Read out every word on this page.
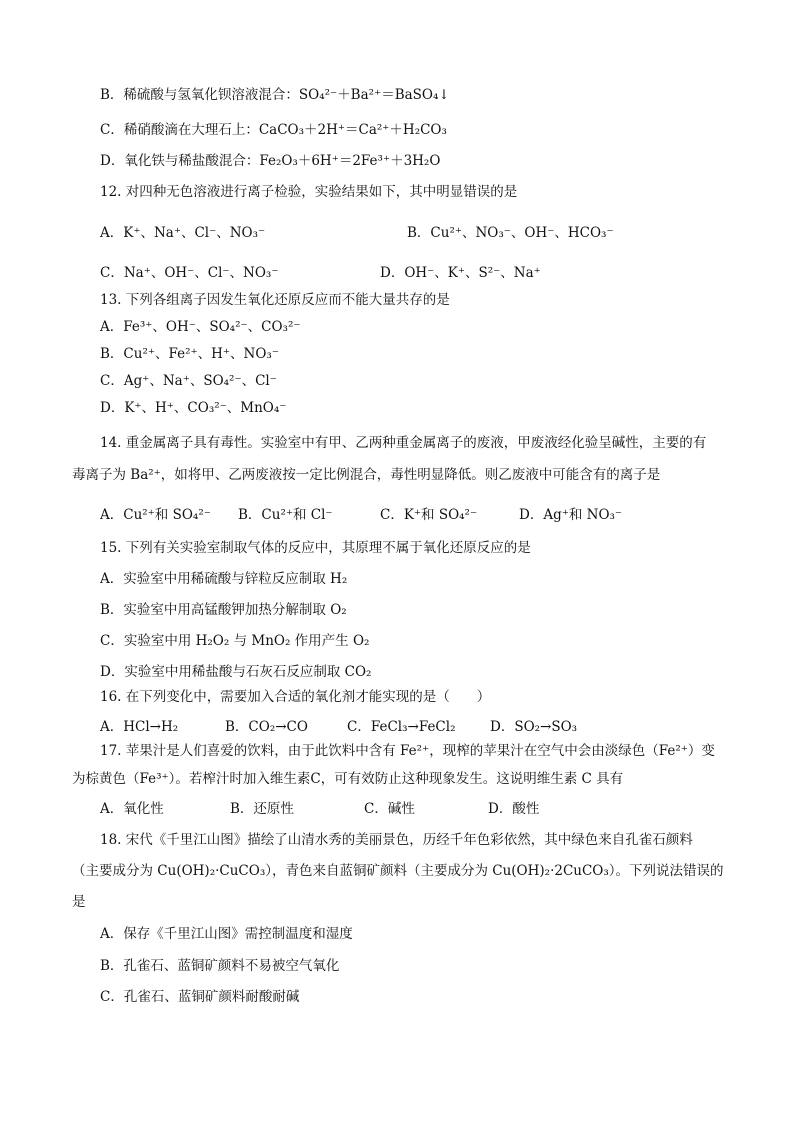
B．稀硫酸与氢氧化钡溶液混合：SO₄²⁻＋Ba²⁺＝BaSO₄↓
C．稀硝酸滴在大理石上：CaCO₃＋2H⁺＝Ca²⁺＋H₂CO₃
D．氧化铁与稀盐酸混合：Fe₂O₃＋6H⁺＝2Fe³⁺＋3H₂O
12. 对四种无色溶液进行离子检验，实验结果如下，其中明显错误的是
A．K⁺、Na⁺、Cl⁻、NO₃⁻	B．Cu²⁺、NO₃⁻、OH⁻、HCO₃⁻
C．Na⁺、OH⁻、Cl⁻、NO₃⁻	D．OH⁻、K⁺、S²⁻、Na⁺
13. 下列各组离子因发生氧化还原反应而不能大量共存的是
A．Fe³⁺、OH⁻、SO₄²⁻、CO₃²⁻
B．Cu²⁺、Fe²⁺、H⁺、NO₃⁻
C．Ag⁺、Na⁺、SO₄²⁻、Cl⁻
D．K⁺、H⁺、CO₃²⁻、MnO₄⁻
14. 重金属离子具有毒性。实验室中有甲、乙两种重金属离子的废液，甲废液经化验呈碱性，主要的有
毒离子为 Ba²⁺，如将甲、乙两废液按一定比例混合，毒性明显降低。则乙废液中可能含有的离子是
A．Cu²⁺和 SO₄²⁻ B．Cu²⁺和 Cl⁻	C．K⁺和 SO₄²⁻	D．Ag⁺和 NO₃⁻
15. 下列有关实验室制取气体的反应中，其原理不属于氧化还原反应的是
A．实验室中用稀硫酸与锌粒反应制取 H₂
B．实验室中用高锰酸钾加热分解制取 O₂
C．实验室中用 H₂O₂ 与 MnO₂ 作用产生 O₂
D．实验室中用稀盐酸与石灰石反应制取 CO₂
16. 在下列变化中，需要加入合适的氧化剂才能实现的是（　　）
A．HCl→H₂	B．CO₂→CO	C．FeCl₃→FeCl₂	D．SO₂→SO₃
17. 苹果汁是人们喜爱的饮料，由于此饮料中含有 Fe²⁺，现榨的苹果汁在空气中会由淡绿色（Fe²⁺）变
为棕黄色（Fe³⁺）。若榨汁时加入维生素C，可有效防止这种现象发生。这说明维生素 C 具有
A．氧化性	B．还原性	C．碱性	D．酸性
18. 宋代《千里江山图》描绘了山清水秀的美丽景色，历经千年色彩依然，其中绿色来自孔雀石颜料
（主要成分为 Cu(OH)₂·CuCO₃），青色来自蓝铜矿颜料（主要成分为 Cu(OH)₂·2CuCO₃）。下列说法错误的
是
A．保存《千里江山图》需控制温度和湿度
B．孔雀石、蓝铜矿颜料不易被空气氧化
C．孔雀石、蓝铜矿颜料耐酸耐碱
